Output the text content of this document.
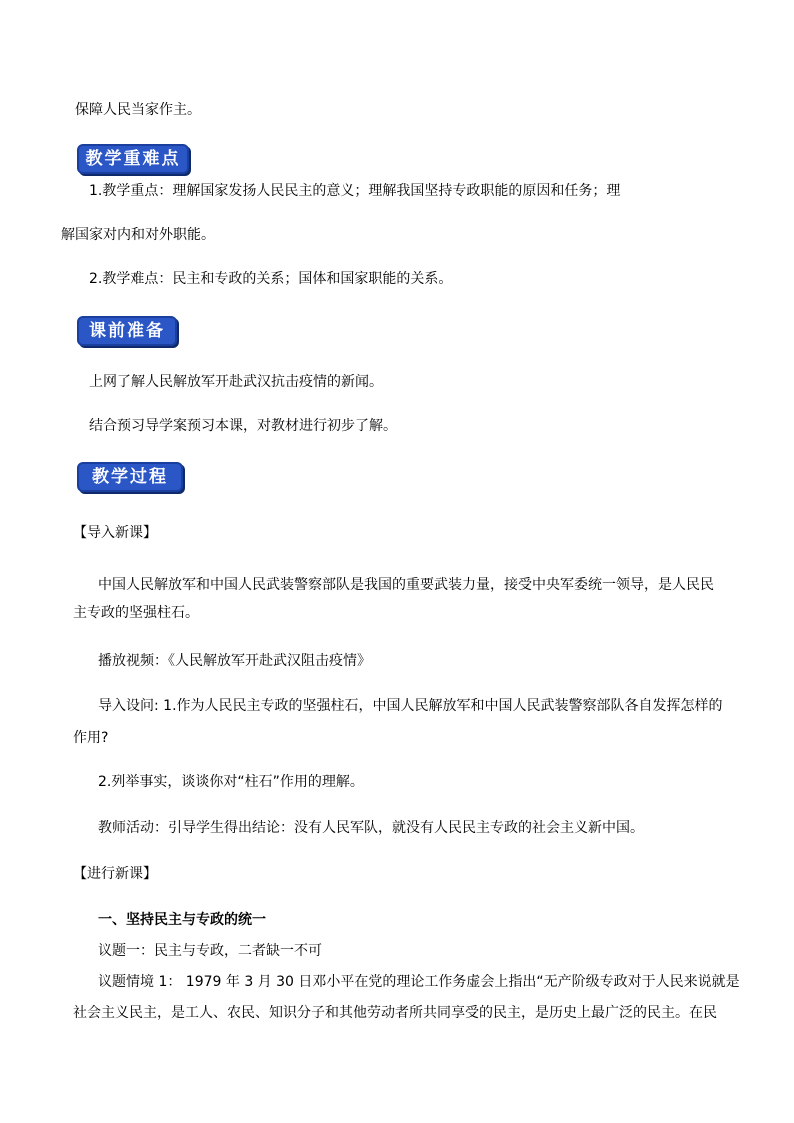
保障人民当家作主。

教学重难点

1.教学重点：理解国家发扬人民民主的意义；理解我国坚持专政职能的原因和任务；理

解国家对内和对外职能。

2.教学难点：民主和专政的关系；国体和国家职能的关系。

课前准备

上网了解人民解放军开赴武汉抗击疫情的新闻。

结合预习导学案预习本课，对教材进行初步了解。

教学过程

【导入新课】

中国人民解放军和中国人民武装警察部队是我国的重要武装力量，接受中央军委统一领导，是人民民

主专政的坚强柱石。

播放视频：《人民解放军开赴武汉阻击疫情》

导入设问: 1.作为人民民主专政的坚强柱石，中国人民解放军和中国人民武装警察部队各自发挥怎样的

作用?

2.列举事实，谈谈你对“柱石”作用的理解。

教师活动：引导学生得出结论：没有人民军队，就没有人民民主专政的社会主义新中国。

【进行新课】

一、坚持民主与专政的统一

议题一：民主与专政，二者缺一不可

议题情境 1： 1979 年 3 月 30 日邓小平在党的理论工作务虚会上指出“无产阶级专政对于人民来说就是

社会主义民主，是工人、农民、知识分子和其他劳动者所共同享受的民主，是历史上最广泛的民主。在民
